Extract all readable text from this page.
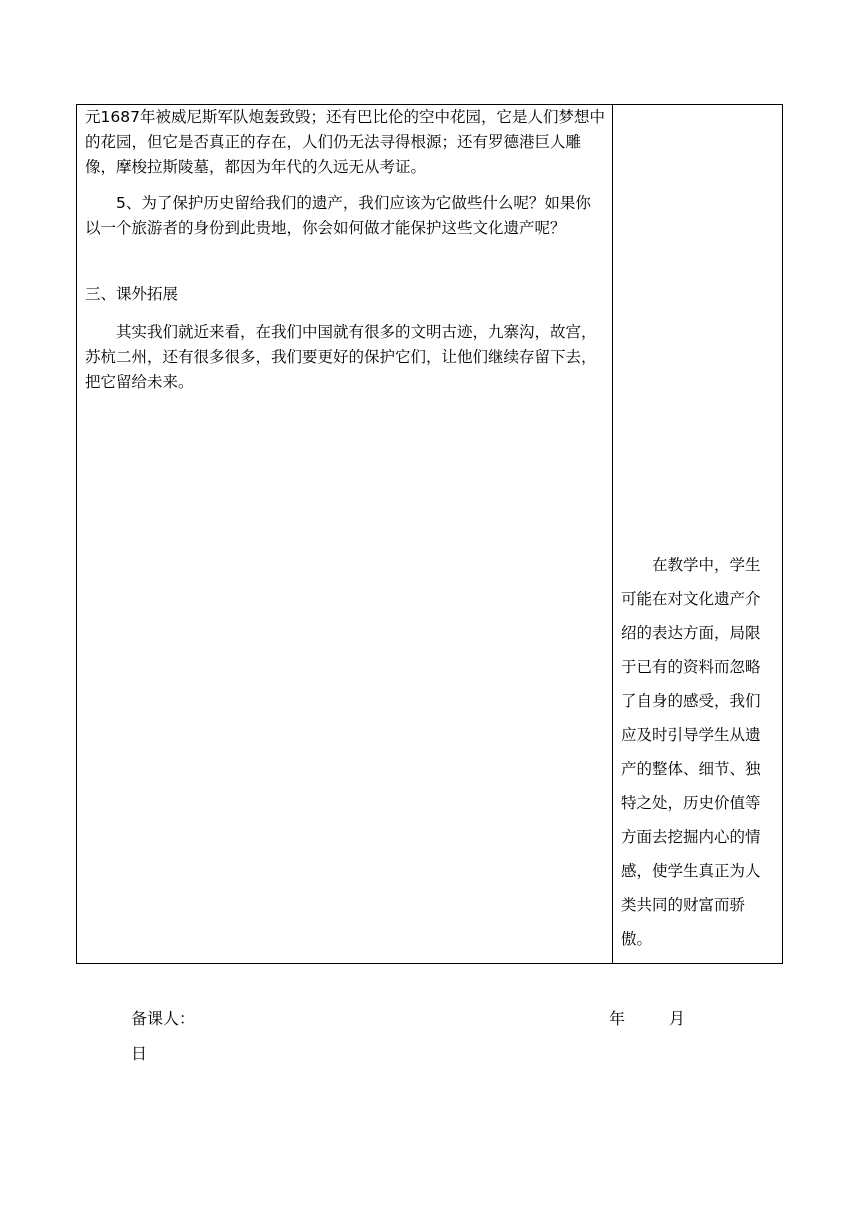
元1687年被威尼斯军队炮轰致毁；还有巴比伦的空中花园，它是人们梦想中的花园，但它是否真正的存在，人们仍无法寻得根源；还有罗德港巨人雕像，摩梭拉斯陵墓，都因为年代的久远无从考证。

5、为了保护历史留给我们的遗产，我们应该为它做些什么呢？如果你以一个旅游者的身份到此贵地，你会如何做才能保护这些文化遗产呢？

三、课外拓展

其实我们就近来看，在我们中国就有很多的文明古迹，九寨沟，故宫，苏杭二州，还有很多很多，我们要更好的保护它们，让他们继续存留下去，把它留给未来。

在教学中，学生可能在对文化遗产介绍的表达方面，局限于已有的资料而忽略了自身的感受，我们应及时引导学生从遗产的整体、细节、独特之处，历史价值等方面去挖掘内心的情感，使学生真正为人类共同的财富而骄傲。

备课人：	年	月
日
